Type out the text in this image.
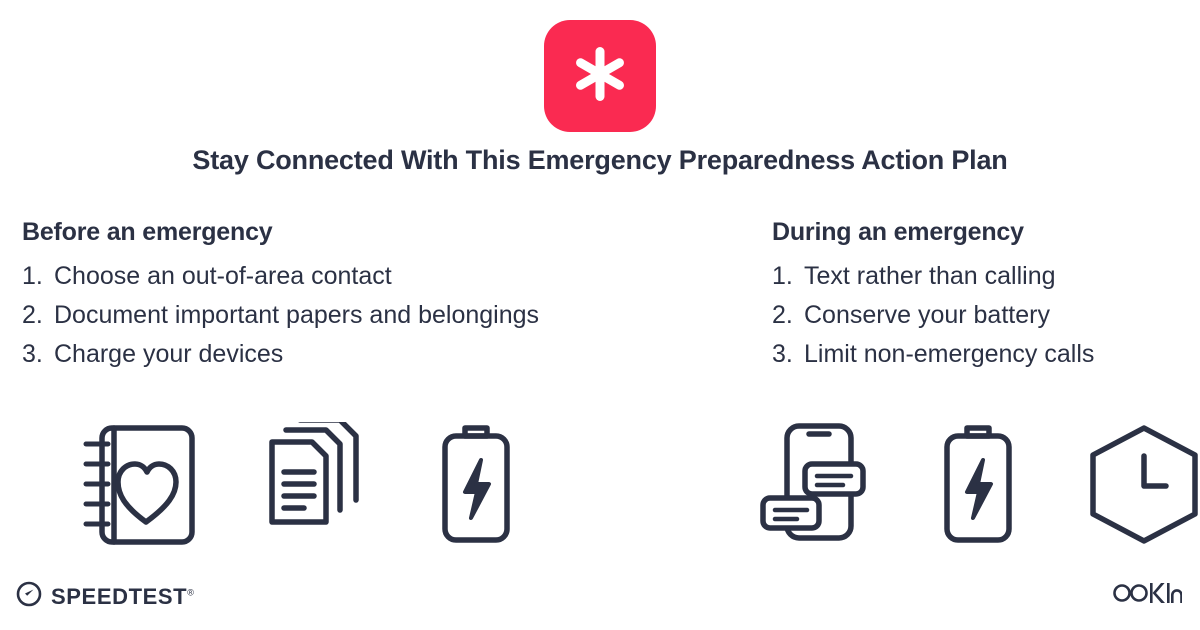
Stay Connected With This Emergency Preparedness Action Plan
Before an emergency
1. Choose an out-of-area contact
2. Document important papers and belongings
3. Charge your devices
During an emergency
1. Text rather than calling
2. Conserve your battery
3. Limit non-emergency calls
SPEEDTEST®
